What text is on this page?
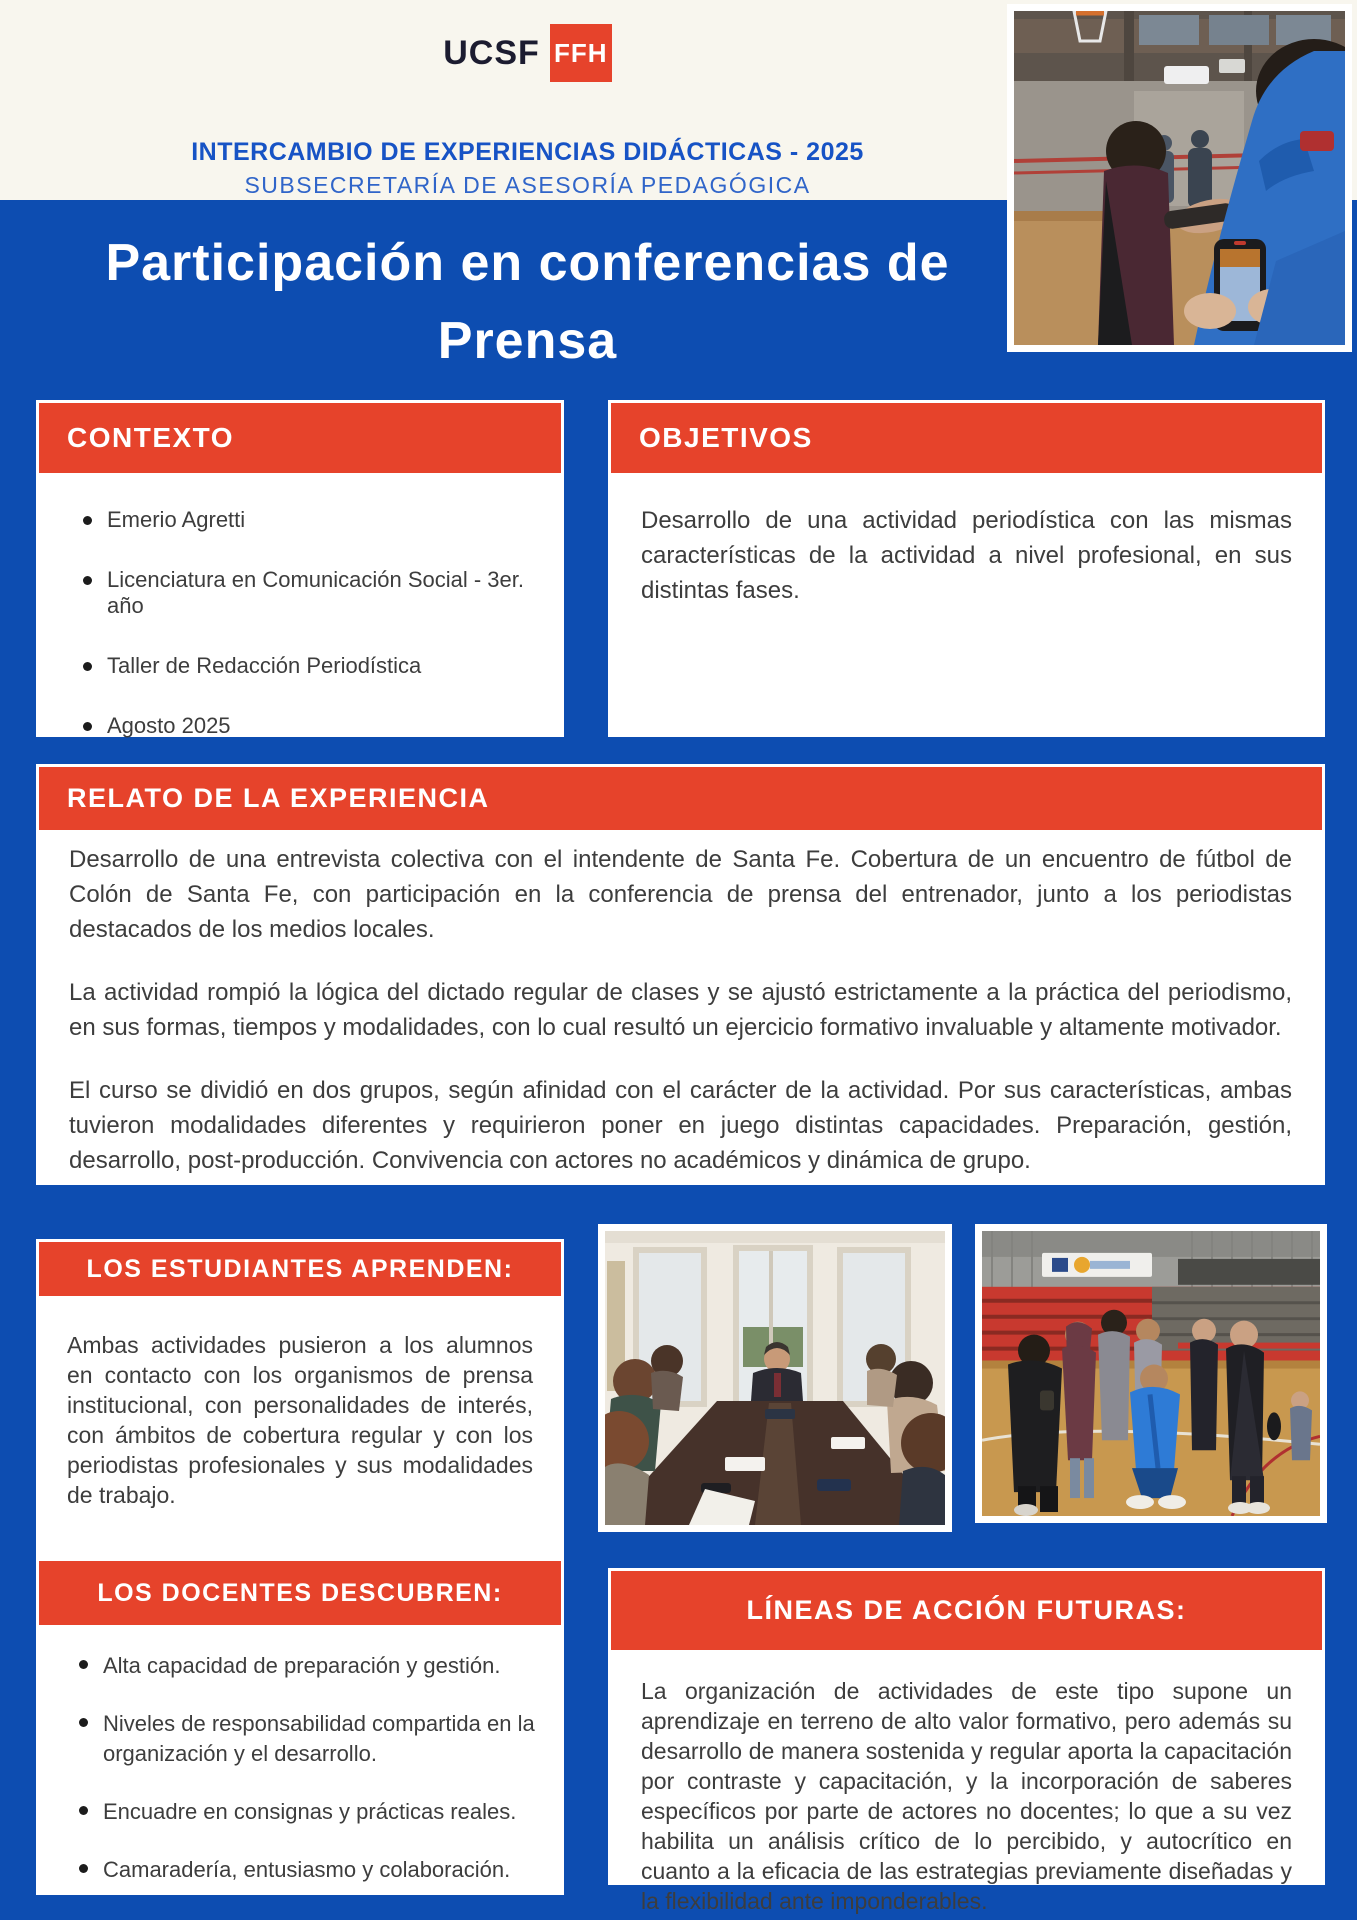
UCSF FFH
INTERCAMBIO DE EXPERIENCIAS DIDÁCTICAS - 2025
SUBSECRETARÍA DE ASESORÍA PEDAGÓGICA
Participación en conferencias de
Prensa
CONTEXTO
Emerio Agretti
Licenciatura en Comunicación Social - 3er. año
Taller de Redacción Periodística
Agosto 2025
OBJETIVOS
Desarrollo de una actividad periodística con las mismas características de la actividad a nivel profesional, en sus distintas fases.
RELATO DE LA EXPERIENCIA

Desarrollo de una entrevista colectiva con el intendente de Santa Fe. Cobertura de un encuentro de fútbol de Colón de Santa Fe, con participación en la conferencia de prensa del entrenador, junto a los periodistas destacados de los medios locales.

La actividad rompió la lógica del dictado regular de clases y se ajustó estrictamente a la práctica del periodismo, en sus formas, tiempos y modalidades, con lo cual resultó un ejercicio formativo invaluable y altamente motivador.

El curso se dividió en dos grupos, según afinidad con el carácter de la actividad. Por sus características, ambas tuvieron modalidades diferentes y requirieron poner en juego distintas capacidades. Preparación, gestión, desarrollo, post-producción. Convivencia con actores no académicos y dinámica de grupo.

LOS ESTUDIANTES APRENDEN:
Ambas actividades pusieron a los alumnos en contacto con los organismos de prensa institucional, con personalidades de interés, con ámbitos de cobertura regular y con los periodistas profesionales y sus modalidades de trabajo.
LOS DOCENTES DESCUBREN:
Alta capacidad de preparación y gestión.
Niveles de responsabilidad compartida en la organización y el desarrollo.
Encuadre en consignas y prácticas reales.
Camaradería, entusiasmo y colaboración.
LÍNEAS DE ACCIÓN FUTURAS:
La organización de actividades de este tipo supone un aprendizaje en terreno de alto valor formativo, pero además su desarrollo de manera sostenida y regular aporta la capacitación por contraste y capacitación, y la incorporación de saberes específicos por parte de actores no docentes; lo que a su vez habilita un análisis crítico de lo percibido, y autocrítico en cuanto a la eficacia de las estrategias previamente diseñadas y la flexibilidad ante imponderables.
